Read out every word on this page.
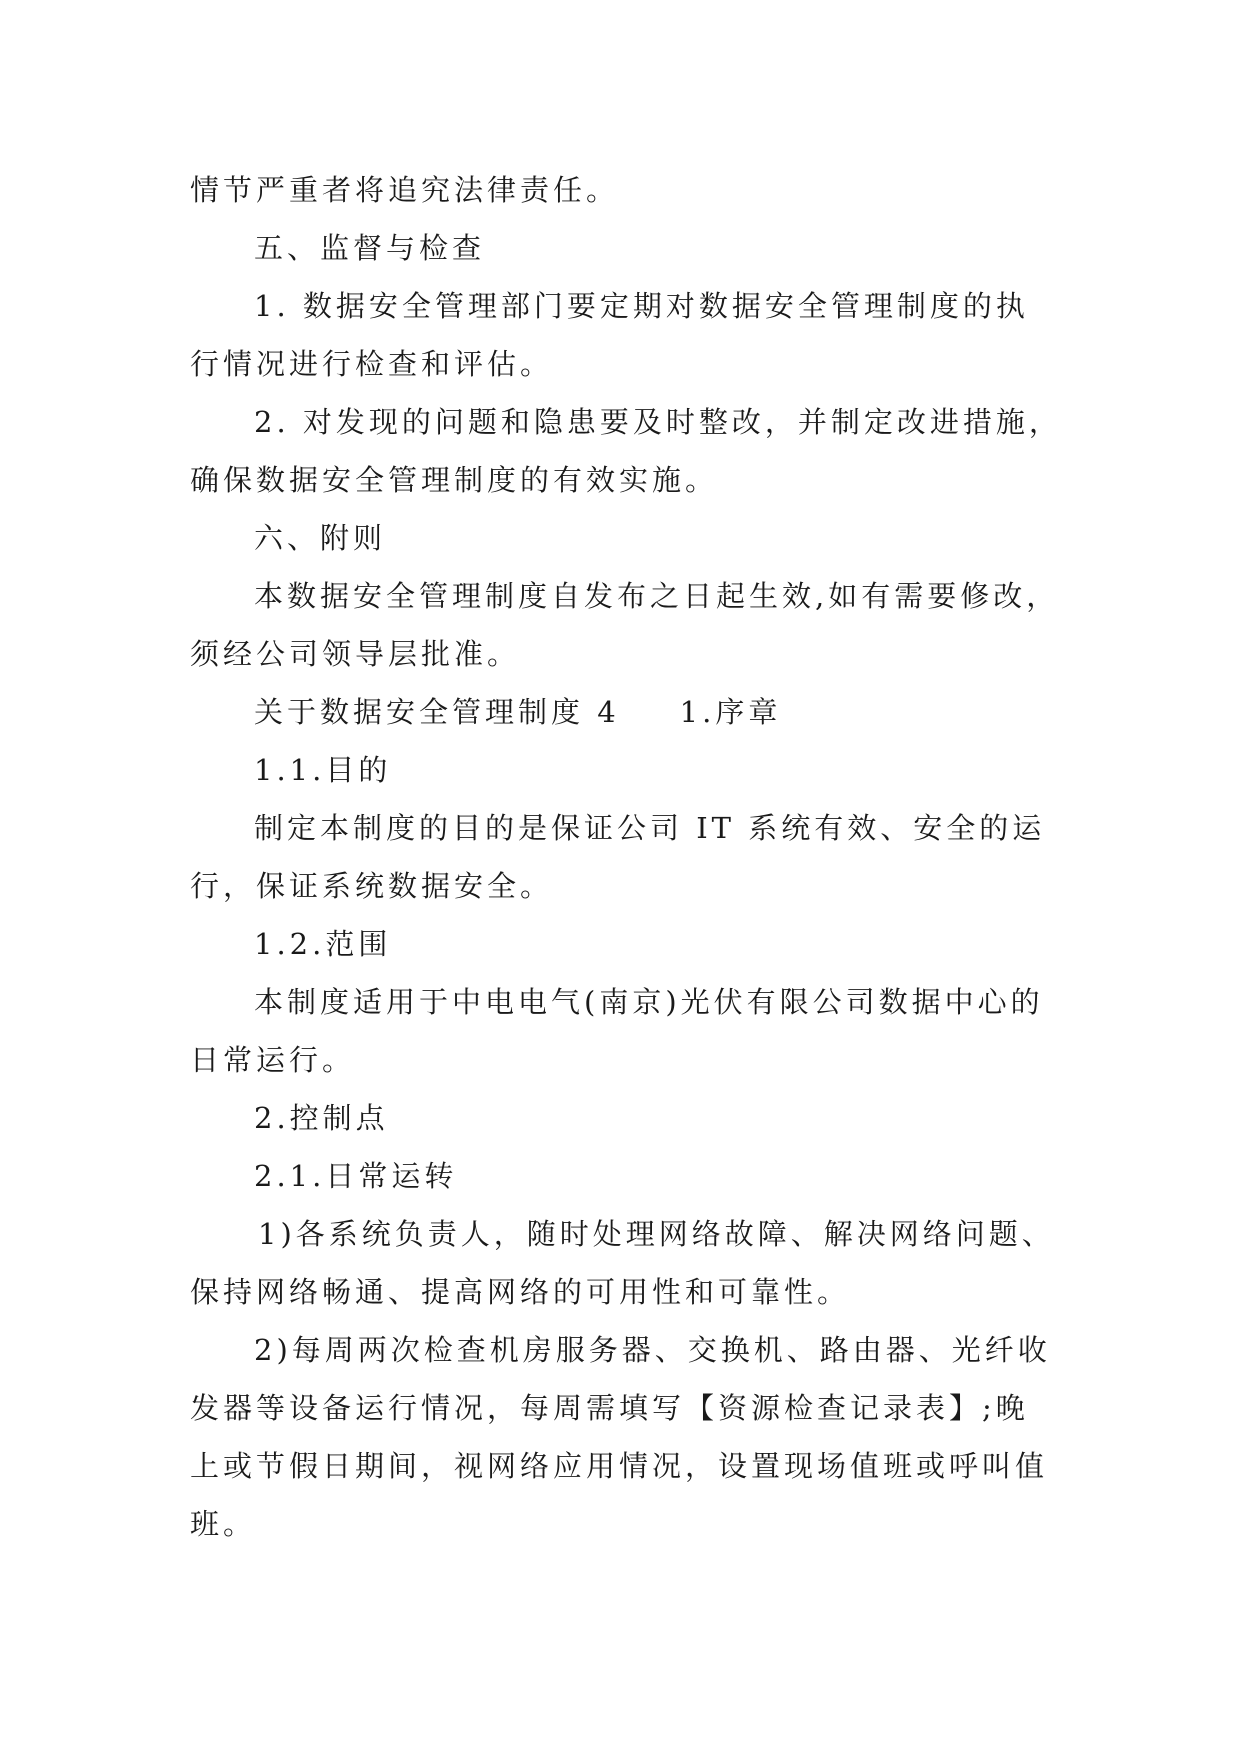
情节严重者将追究法律责任。
五、监督与检查
1. 数据安全管理部门要定期对数据安全管理制度的执
行情况进行检查和评估。
2. 对发现的问题和隐患要及时整改，并制定改进措施，
确保数据安全管理制度的有效实施。
六、附则
本数据安全管理制度自发布之日起生效,如有需要修改，
须经公司领导层批准。
关于数据安全管理制度 4 1.序章
1.1.目的
制定本制度的目的是保证公司 IT 系统有效、安全的运
行，保证系统数据安全。
1.2.范围
本制度适用于中电电气(南京)光伏有限公司数据中心的
日常运行。
2.控制点
2.1.日常运转
1)各系统负责人，随时处理网络故障、解决网络问题、
保持网络畅通、提高网络的可用性和可靠性。
2)每周两次检查机房服务器、交换机、路由器、光纤收
发器等设备运行情况，每周需填写【资源检查记录表】;晚
上或节假日期间，视网络应用情况，设置现场值班或呼叫值
班。
